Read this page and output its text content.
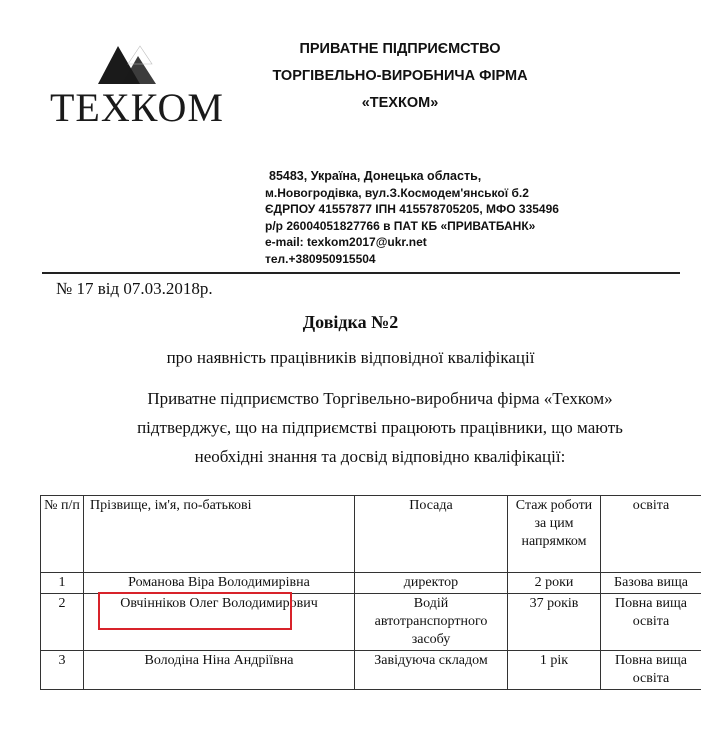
ТЕХКОМ
ПРИВАТНЕ ПІДПРИЄМСТВО
ТОРГІВЕЛЬНО-ВИРОБНИЧА ФІРМА
«ТЕХКОМ»
85483, Україна, Донецька область,
м.Новогродівка, вул.З.Космодем'янської б.2
ЄДРПОУ 41557877 ІПН 415578705205, МФО 335496
р/р 26004051827766 в ПАТ КБ «ПРИВАТБАНК»
e-mail: texkom2017@ukr.net
тел.+380950915504
№ 17 від 07.03.2018р.
Довідка №2
про наявність працівників відповідної кваліфікації
Приватне підприємство Торгівельно-виробнича фірма «Техком»
підтверджує, що на підприємстві працюють працівники, що мають
необхідні знання та досвід відповідно кваліфікації:
№ п/п	Прізвище, ім'я, по-батькові	Посада	Стаж роботи за цим напрямком	освіта
1	Романова Віра Володимирівна	директор	2 роки	Базова вища
2	Овчінніков Олег Володимирович	Водій автотранспортного засобу	37 років	Повна вища освіта
3	Володіна Ніна Андріївна	Завідуюча складом	1 рік	Повна вища освіта
